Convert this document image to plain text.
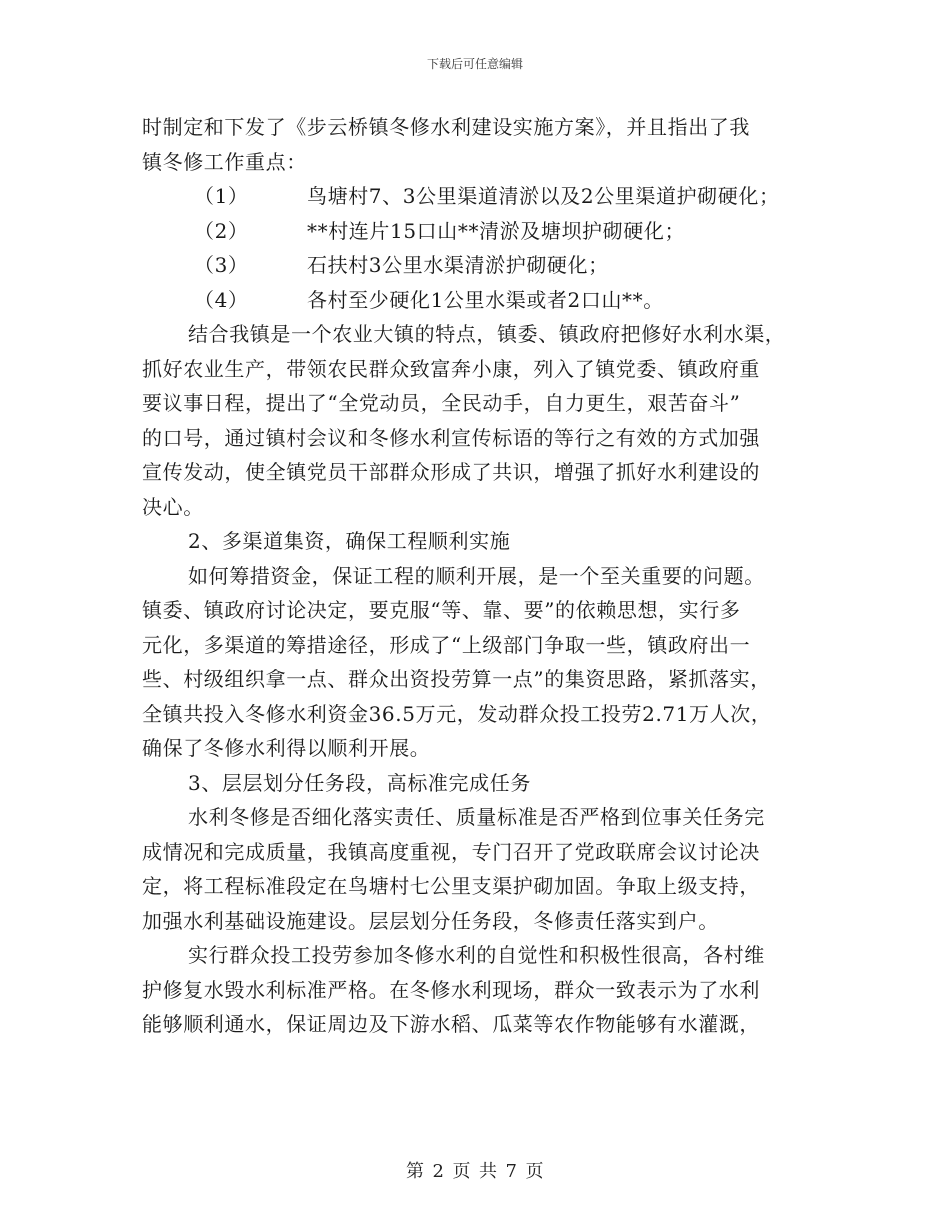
下载后可任意编辑
时制定和下发了《步云桥镇冬修水利建设实施方案》，并且指出了我
镇冬修工作重点：
（1）	鸟塘村7、3公里渠道清淤以及2公里渠道护砌硬化；
（2）	**村连片15口山**清淤及塘坝护砌硬化；
（3）	石扶村3公里水渠清淤护砌硬化；
（4）	各村至少硬化1公里水渠或者2口山**。
结合我镇是一个农业大镇的特点，镇委、镇政府把修好水利水渠，
抓好农业生产，带领农民群众致富奔小康，列入了镇党委、镇政府重
要议事日程，提出了“全党动员，全民动手，自力更生，艰苦奋斗”
的口号，通过镇村会议和冬修水利宣传标语的等行之有效的方式加强
宣传发动，使全镇党员干部群众形成了共识，增强了抓好水利建设的
决心。
2、多渠道集资，确保工程顺利实施
如何筹措资金，保证工程的顺利开展，是一个至关重要的问题。
镇委、镇政府讨论决定，要克服“等、靠、要”的依赖思想，实行多
元化，多渠道的筹措途径，形成了“上级部门争取一些，镇政府出一
些、村级组织拿一点、群众出资投劳算一点”的集资思路，紧抓落实，
全镇共投入冬修水利资金36.5万元，发动群众投工投劳2.71万人次，
确保了冬修水利得以顺利开展。
3、层层划分任务段，高标准完成任务
水利冬修是否细化落实责任、质量标准是否严格到位事关任务完
成情况和完成质量，我镇高度重视，专门召开了党政联席会议讨论决
定，将工程标准段定在鸟塘村七公里支渠护砌加固。争取上级支持，
加强水利基础设施建设。层层划分任务段，冬修责任落实到户。
实行群众投工投劳参加冬修水利的自觉性和积极性很高，各村维
护修复水毁水利标准严格。在冬修水利现场，群众一致表示为了水利
能够顺利通水，保证周边及下游水稻、瓜菜等农作物能够有水灌溉，
第 2 页 共 7 页
